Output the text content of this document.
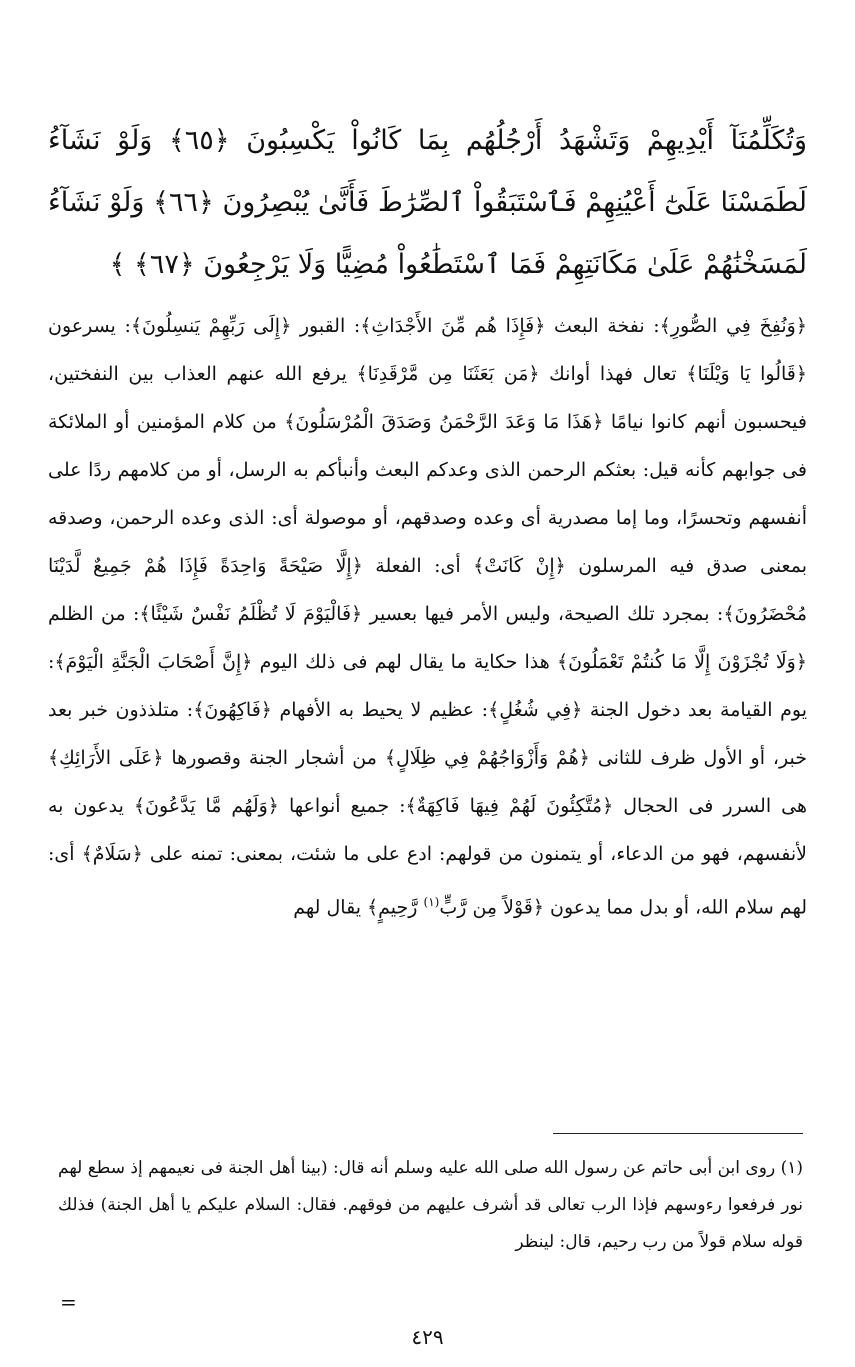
وَتُكَلِّمُنَآ أَيْدِيهِمْ وَتَشْهَدُ أَرْجُلُهُم بِمَا كَانُواْ يَكْسِبُونَ ﴿٦٥﴾ وَلَوْ نَشَآءُ لَطَمَسْنَا عَلَىٰٓ أَعْيُنِهِمْ فَٱسْتَبَقُواْ ٱلصِّرَٰطَ فَأَنَّىٰ يُبْصِرُونَ ﴿٦٦﴾ وَلَوْ نَشَآءُ لَمَسَخْنَٰهُمْ عَلَىٰ مَكَانَتِهِمْ فَمَا ٱسْتَطَٰعُواْ مُضِيًّا وَلَا يَرْجِعُونَ ﴿٦٧﴾ ﴾
﴿وَنُفِخَ فِي الصُّورِ﴾: نفخة البعث ﴿فَإِذَا هُم مِّنَ الأَجْدَاثِ﴾: القبور ﴿إِلَى رَبِّهِمْ يَنسِلُونَ﴾: يسرعون ﴿قَالُوا يَا وَيْلَنَا﴾ تعال فهذا أوانك ﴿مَن بَعَثَنَا مِن مَّرْقَدِنَا﴾ يرفع الله عنهم العذاب بين النفختين، فيحسبون أنهم كانوا نيامًا ﴿هَذَا مَا وَعَدَ الرَّحْمَنُ وَصَدَقَ الْمُرْسَلُونَ﴾ من كلام المؤمنين أو الملائكة فى جوابهم كأنه قيل: بعثكم الرحمن الذى وعدكم البعث وأنبأكم به الرسل، أو من كلامهم ردًا على أنفسهم وتحسرًا، وما إما مصدرية أى وعده وصدقهم، أو موصولة أى: الذى وعده الرحمن، وصدقه بمعنى صدق فيه المرسلون ﴿إِنْ كَانَتْ﴾ أى: الفعلة ﴿إِلَّا صَيْحَةً وَاحِدَةً فَإِذَا هُمْ جَمِيعٌ لَّدَيْنَا مُحْضَرُونَ﴾: بمجرد تلك الصيحة، وليس الأمر فيها بعسير ﴿فَالْيَوْمَ لَا تُظْلَمُ نَفْسٌ شَيْئًا﴾: من الظلم ﴿وَلَا تُجْزَوْنَ إِلَّا مَا كُنتُمْ تَعْمَلُونَ﴾ هذا حكاية ما يقال لهم فى ذلك اليوم ﴿إِنَّ أَصْحَابَ الْجَنَّةِ الْيَوْمَ﴾: يوم القيامة بعد دخول الجنة ﴿فِي شُغُلٍ﴾: عظيم لا يحيط به الأفهام ﴿فَاكِهُونَ﴾: متلذذون خبر بعد خبر، أو الأول ظرف للثانى ﴿هُمْ وَأَزْوَاجُهُمْ فِي ظِلَالٍ﴾ من أشجار الجنة وقصورها ﴿عَلَى الأَرَائِكِ﴾ هى السرر فى الحجال ﴿مُتَّكِئُونَ لَهُمْ فِيهَا فَاكِهَةٌ﴾: جميع أنواعها ﴿وَلَهُم مَّا يَدَّعُونَ﴾ يدعون به لأنفسهم، فهو من الدعاء، أو يتمنون من قولهم: ادع على ما شئت، بمعنى: تمنه على ﴿سَلَامٌ﴾ أى: لهم سلام الله، أو بدل مما يدعون ﴿قَوْلاً مِن رَّبٍّ$^{(١)}$ رَّحِيمٍ﴾ يقال لهم
(١) روى ابن أبى حاتم عن رسول الله صلى الله عليه وسلم أنه قال: (بينا أهل الجنة فى نعيمهم إذ سطع لهم نور فرفعوا رءوسهم فإذا الرب تعالى قد أشرف عليهم من فوقهم. فقال: السلام عليكم يا أهل الجنة) فذلك قوله سلام قولاً من رب رحيم، قال: لينظر
=
٤٢٩
